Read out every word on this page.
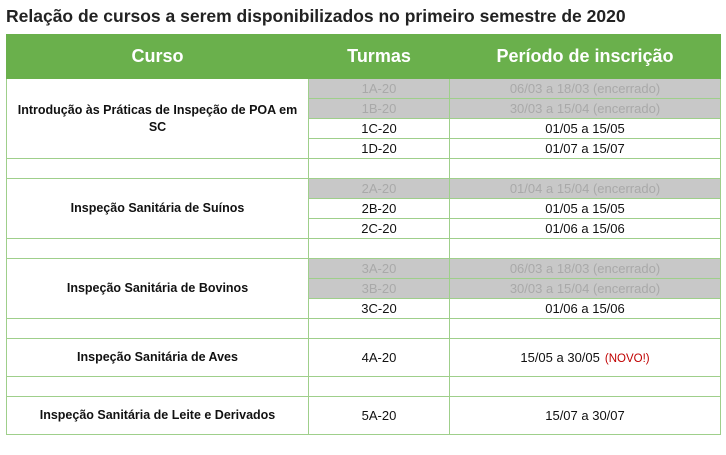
Relação de cursos a serem disponibilizados no primeiro semestre de 2020
Curso	Turmas	Período de inscrição
Introdução às Práticas de Inspeção de POA em SC	1A-20	06/03 a 18/03 (encerrado)
	1B-20	30/03 a 15/04 (encerrado)
	1C-20	01/05 a 15/05
	1D-20	01/07 a 15/07

Inspeção Sanitária de Suínos	2A-20	01/04 a 15/04 (encerrado)
	2B-20	01/05 a 15/05
	2C-20	01/06 a 15/06

Inspeção Sanitária de Bovinos	3A-20	06/03 a 18/03 (encerrado)
	3B-20	30/03 a 15/04 (encerrado)
	3C-20	01/06 a 15/06

Inspeção Sanitária de Aves	4A-20	15/05 a 30/05 (NOVO!)

Inspeção Sanitária de Leite e Derivados	5A-20	15/07 a 30/07
